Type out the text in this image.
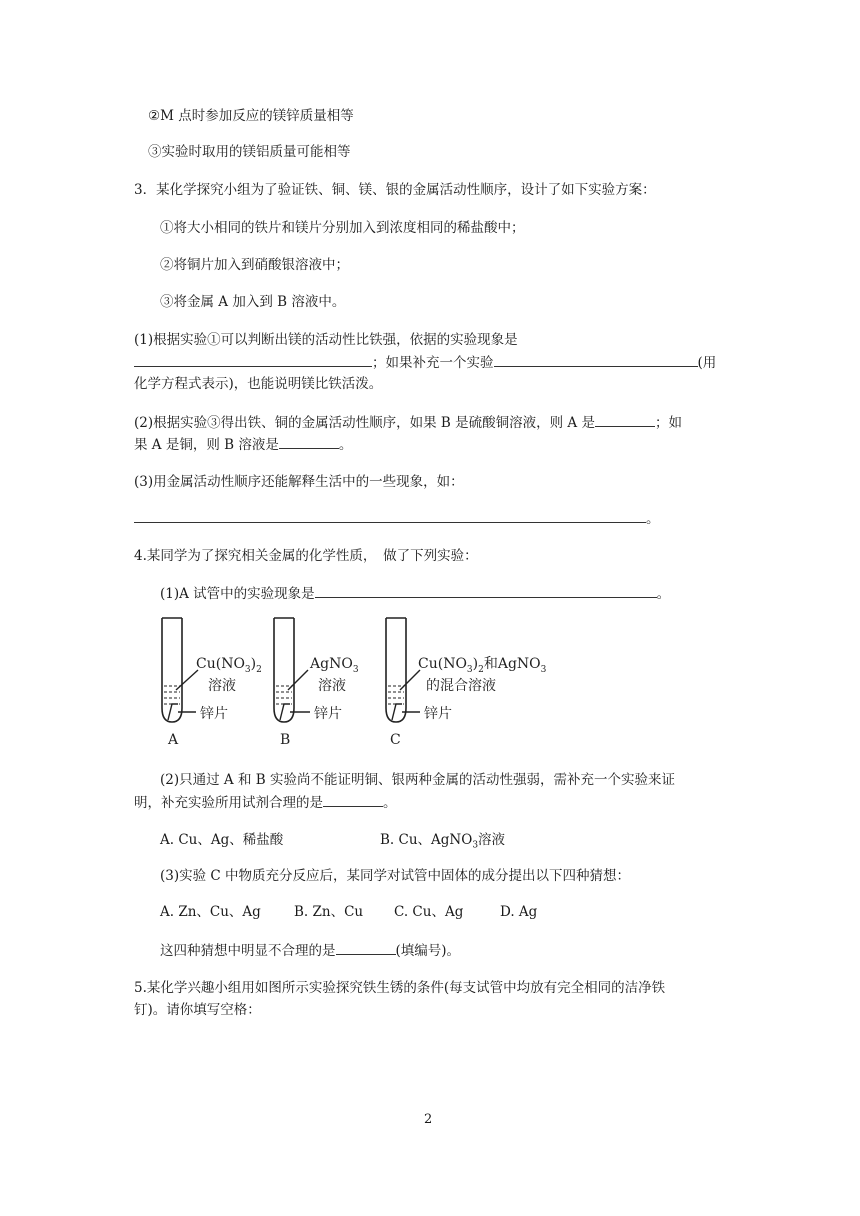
②M 点时参加反应的镁锌质量相等
③实验时取用的镁铝质量可能相等
3．某化学探究小组为了验证铁、铜、镁、银的金属活动性顺序，设计了如下实验方案：
①将大小相同的铁片和镁片分别加入到浓度相同的稀盐酸中；
②将铜片加入到硝酸银溶液中；
③将金属 A 加入到 B 溶液中。
(1)根据实验①可以判断出镁的活动性比铁强，依据的实验现象是
；如果补充一个实验	(用
化学方程式表示)，也能说明镁比铁活泼。
(2)根据实验③得出铁、铜的金属活动性顺序，如果 B 是硫酸铜溶液，则 A 是	；如
果 A 是铜，则 B 溶液是	。
(3)用金属活动性顺序还能解释生活中的一些现象，如：
。
4.某同学为了探究相关金属的化学性质，　做了下列实验：
(1)A 试管中的实验现象是	。
$Cu(NO_3)_2$
溶液
锌片
A
AgNO$_3$
溶液
锌片
B
$Cu(NO_3)_2$和AgNO$_3$
的混合溶液
锌片
C
(2)只通过 A 和 B 实验尚不能证明铜、银两种金属的活动性强弱，需补充一个实验来证
明，补充实验所用试剂合理的是	。
A. Cu、Ag、稀盐酸	B. Cu、AgNO$_3$溶液
(3)实验 C 中物质充分反应后，某同学对试管中固体的成分提出以下四种猜想：
A. Zn、Cu、Ag B. Zn、Cu C. Cu、Ag	D. Ag
这四种猜想中明显不合理的是	(填编号)。
5.某化学兴趣小组用如图所示实验探究铁生锈的条件(每支试管中均放有完全相同的洁净铁
钉)。请你填写空格：
2
